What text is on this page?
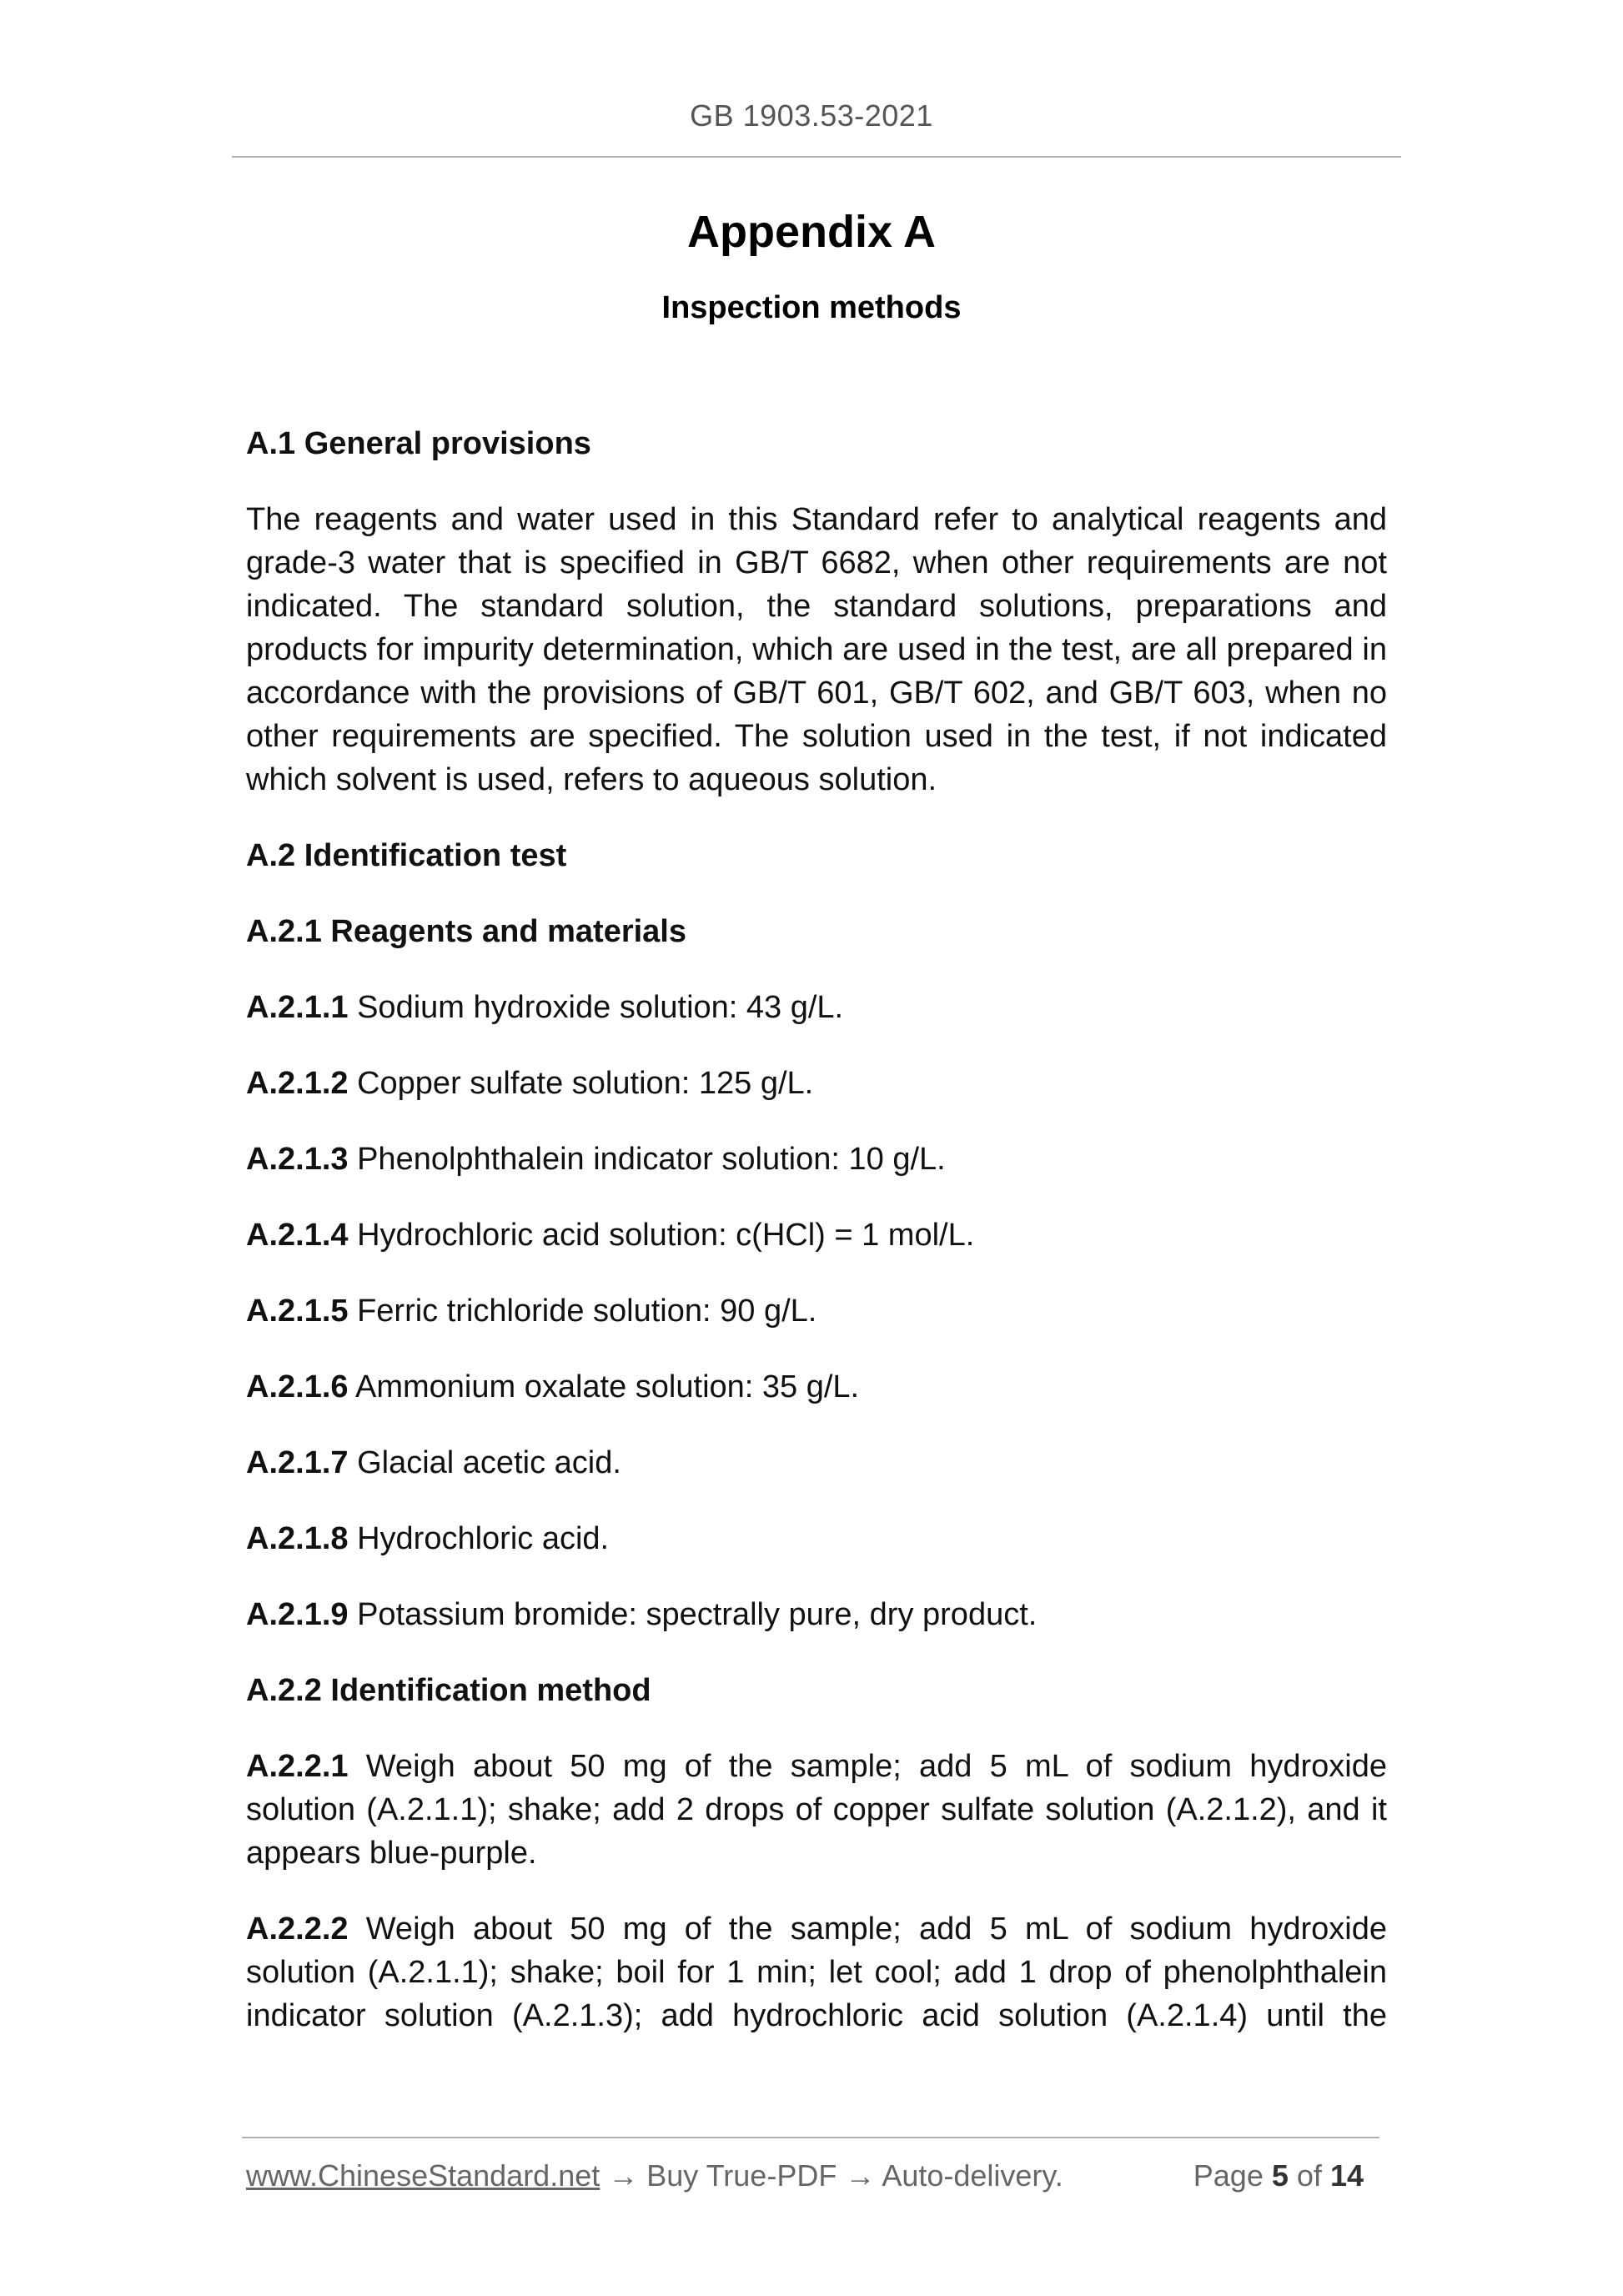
GB 1903.53-2021
Appendix A
Inspection methods

A.1 General provisions

The reagents and water used in this Standard refer to analytical reagents and grade-3 water that is specified in GB/T 6682, when other requirements are not indicated. The standard solution, the standard solutions, preparations and products for impurity determination, which are used in the test, are all prepared in accordance with the provisions of GB/T 601, GB/T 602, and GB/T 603, when no other requirements are specified. The solution used in the test, if not indicated which solvent is used, refers to aqueous solution.

A.2 Identification test

A.2.1 Reagents and materials

A.2.1.1 Sodium hydroxide solution: 43 g/L.

A.2.1.2 Copper sulfate solution: 125 g/L.

A.2.1.3 Phenolphthalein indicator solution: 10 g/L.

A.2.1.4 Hydrochloric acid solution: c(HCl) = 1 mol/L.

A.2.1.5 Ferric trichloride solution: 90 g/L.

A.2.1.6 Ammonium oxalate solution: 35 g/L.

A.2.1.7 Glacial acetic acid.

A.2.1.8 Hydrochloric acid.

A.2.1.9 Potassium bromide: spectrally pure, dry product.

A.2.2 Identification method

A.2.2.1 Weigh about 50 mg of the sample; add 5 mL of sodium hydroxide solution (A.2.1.1); shake; add 2 drops of copper sulfate solution (A.2.1.2), and it appears blue-purple.

A.2.2.2 Weigh about 50 mg of the sample; add 5 mL of sodium hydroxide solution (A.2.1.1); shake; boil for 1 min; let cool; add 1 drop of phenolphthalein indicator solution (A.2.1.3); add hydrochloric acid solution (A.2.1.4) until the

www.ChineseStandard.net → Buy True-PDF → Auto-delivery.	Page 5 of 14
